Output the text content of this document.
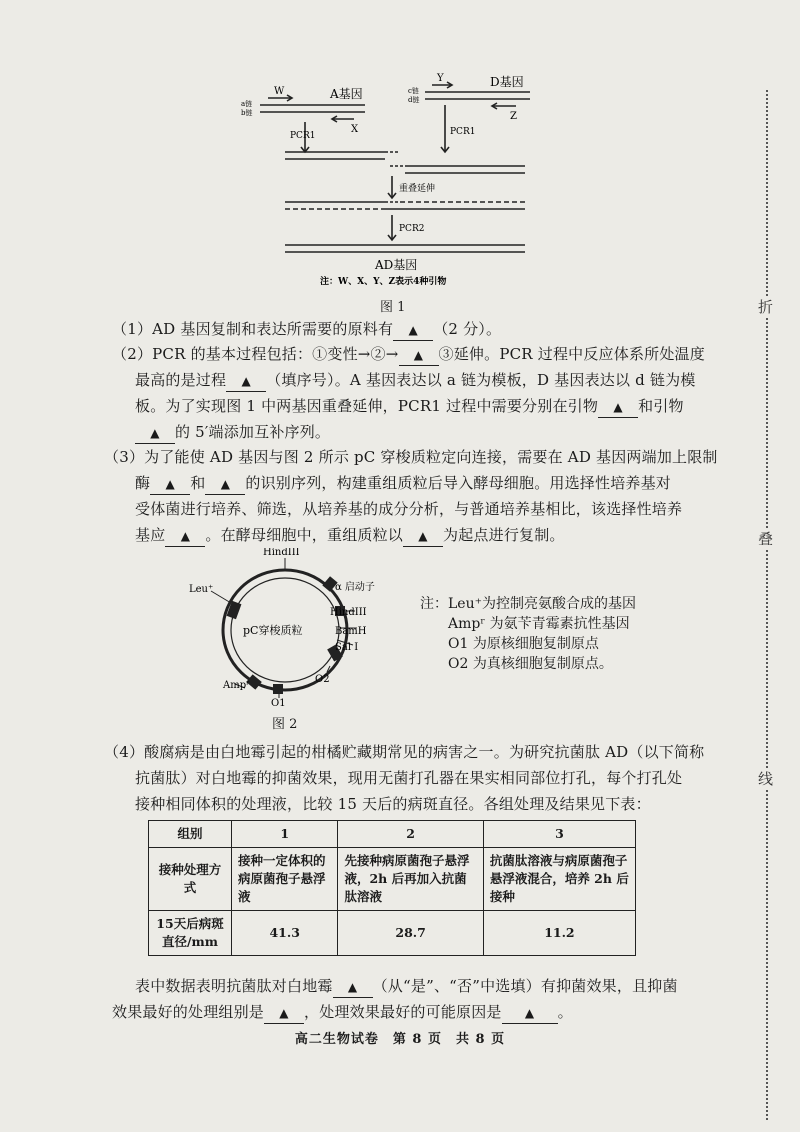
A基因
a链
b链
W
X
D基因
c链
d链
Y
Z
PCR1	PCR1
重叠延伸
PCR2
AD基因
注：W、X、Y、Z表示4种引物
图 1
（1）AD 基因复制和表达所需要的原料有 ▲ （2 分）。
（2）PCR 的基本过程包括：①变性→②→ ▲ ③延伸。PCR 过程中反应体系所处温度
最高的是过程 ▲ （填序号）。A 基因表达以 a 链为模板，D 基因表达以 d 链为模
板。为了实现图 1 中两基因重叠延伸，PCR1 过程中需要分别在引物 ▲ 和引物
▲ 的 5′端添加互补序列。
（3）为了能使 AD 基因与图 2 所示 pC 穿梭质粒定向连接，需要在 AD 基因两端加上限制
酶 ▲ 和 ▲ 的识别序列，构建重组质粒后导入酵母细胞。用选择性培养基对
受体菌进行培养、筛选，从培养基的成分分析，与普通培养基相比，该选择性培养
基应 ▲ 。在酵母细胞中，重组质粒以 ▲ 为起点进行复制。
HindIII
Leu⁺	α 启动子
HindIII
BamH
Sal Ⅰ
O2
Ampʳ
O1
pC穿梭质粒
图 2
注：Leu⁺为控制亮氨酸合成的基因
Ampʳ 为氨苄青霉素抗性基因
O1 为原核细胞复制原点
O2 为真核细胞复制原点。
（4）酸腐病是由白地霉引起的柑橘贮藏期常见的病害之一。为研究抗菌肽 AD（以下简称
抗菌肽）对白地霉的抑菌效果，现用无菌打孔器在果实相同部位打孔，每个打孔处
接种相同体积的处理液，比较 15 天后的病斑直径。各组处理及结果见下表：
组别	1	2	3
接种处理方式	接种一定体积的病原菌孢子悬浮液	先接种病原菌孢子悬浮液，2h 后再加入抗菌肽溶液	抗菌肽溶液与病原菌孢子悬浮液混合，培养 2h 后接种
15天后病斑直径/mm	41.3	28.7	11.2
表中数据表明抗菌肽对白地霉 ▲ （从“是”、“否”中选填）有抑菌效果，且抑菌
效果最好的处理组别是 ▲ ，处理效果最好的可能原因是 ▲ 。
高二生物试卷　第 8 页　共 8 页
折
叠
线
